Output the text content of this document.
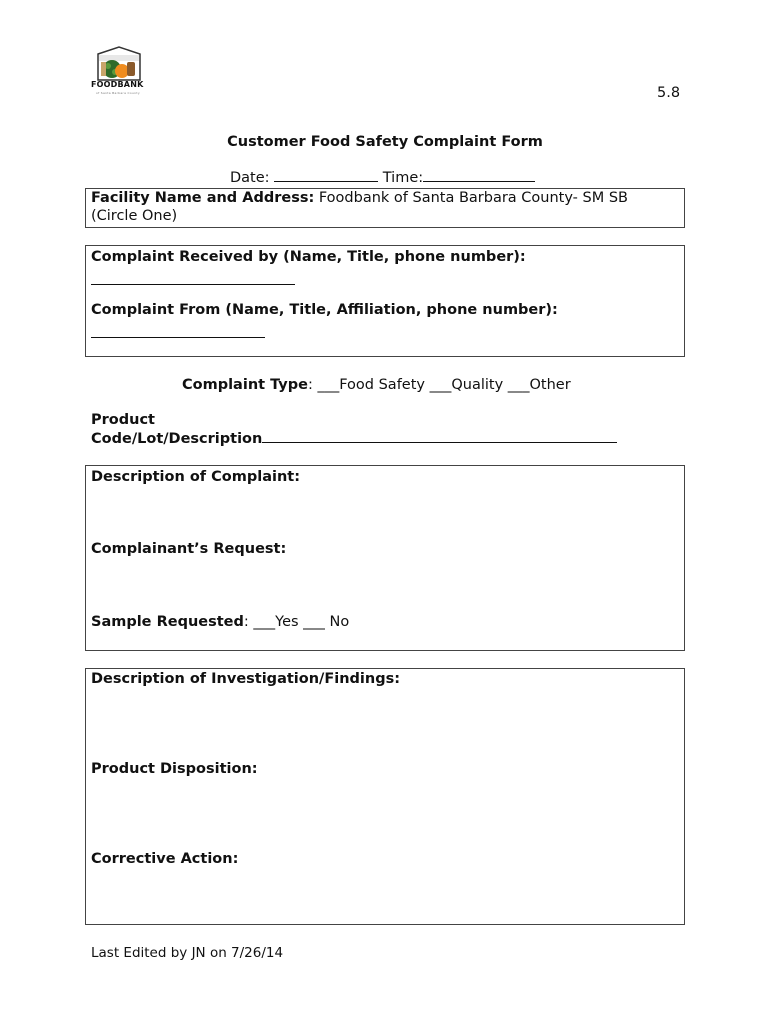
FOODBANK
of Santa Barbara County	5.8
Customer Food Safety Complaint Form
Date:	Time:
Facility Name and Address: Foodbank of Santa Barbara County- SM SB
(Circle One)
Complaint Received by (Name, Title, phone number):
Complaint From (Name, Title, Affiliation, phone number):
Complaint Type: ___Food Safety ___Quality ___Other
Product
Code/Lot/Description
Description of Complaint:
Complainant’s Request:
Sample Requested: ___Yes ___ No
Description of Investigation/Findings:
Product Disposition:
Corrective Action:
Last Edited by JN on 7/26/14
